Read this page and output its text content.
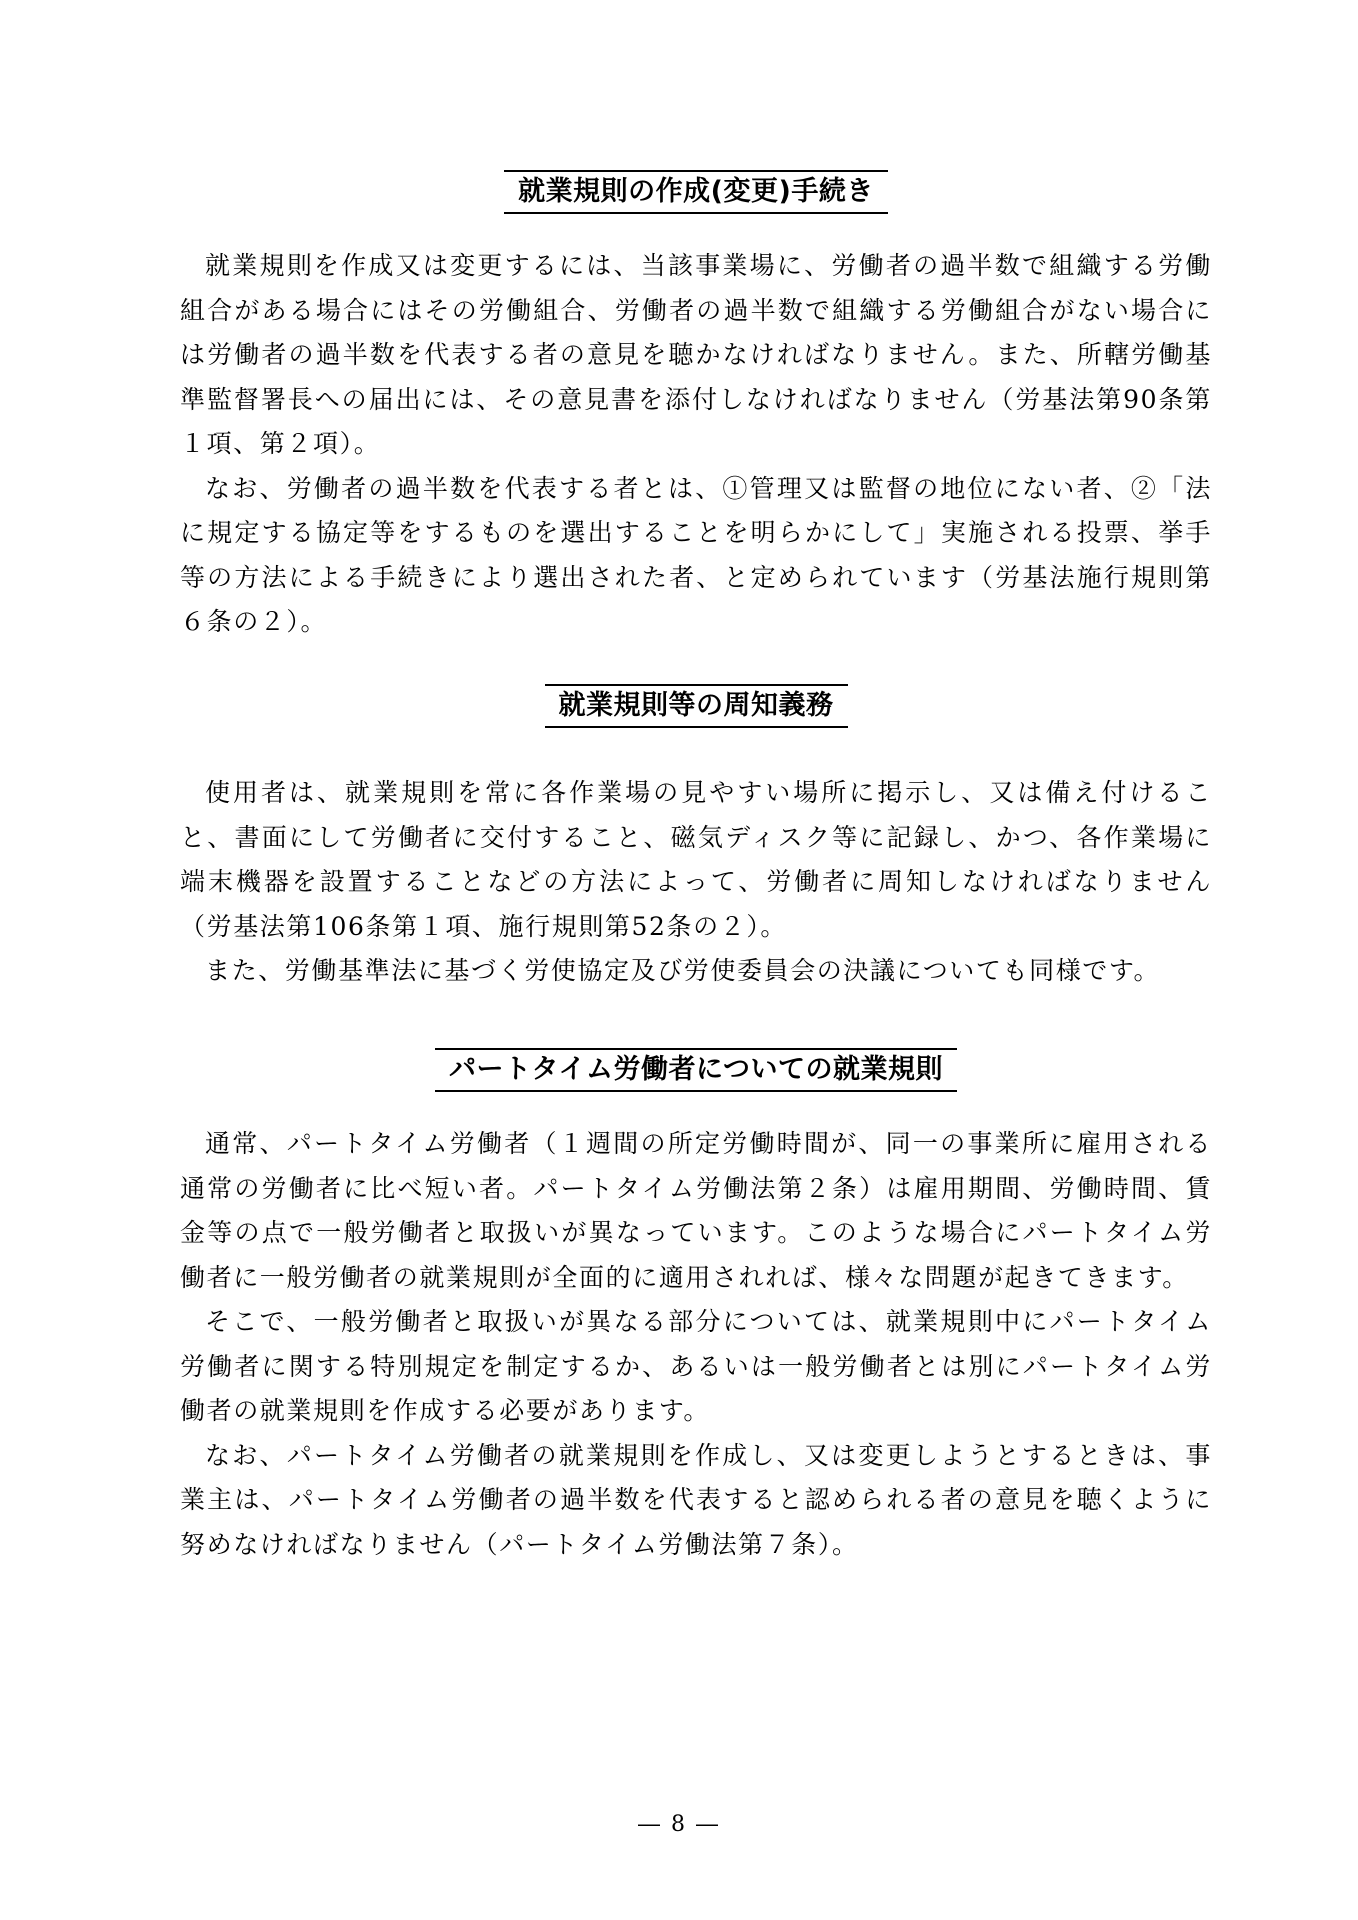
就業規則の作成(変更)手続き

就業規則を作成又は変更するには、当該事業場に、労働者の過半数で組織する労働組合がある場合にはその労働組合、労働者の過半数で組織する労働組合がない場合には労働者の過半数を代表する者の意見を聴かなければなりません。また、所轄労働基準監督署長への届出には、その意見書を添付しなければなりません（労基法第90条第１項、第２項）。

なお、労働者の過半数を代表する者とは、①管理又は監督の地位にない者、②「法に規定する協定等をするものを選出することを明らかにして」実施される投票、挙手等の方法による手続きにより選出された者、と定められています（労基法施行規則第６条の２）。

就業規則等の周知義務

使用者は、就業規則を常に各作業場の見やすい場所に掲示し、又は備え付けること、書面にして労働者に交付すること、磁気ディスク等に記録し、かつ、各作業場に端末機器を設置することなどの方法によって、労働者に周知しなければなりません（労基法第106条第１項、施行規則第52条の２）。

また、労働基準法に基づく労使協定及び労使委員会の決議についても同様です。

パートタイム労働者についての就業規則

通常、パートタイム労働者（１週間の所定労働時間が、同一の事業所に雇用される通常の労働者に比べ短い者。パートタイム労働法第２条）は雇用期間、労働時間、賃金等の点で一般労働者と取扱いが異なっています。このような場合にパートタイム労働者に一般労働者の就業規則が全面的に適用されれば、様々な問題が起きてきます。

そこで、一般労働者と取扱いが異なる部分については、就業規則中にパートタイム労働者に関する特別規定を制定するか、あるいは一般労働者とは別にパートタイム労働者の就業規則を作成する必要があります。

なお、パートタイム労働者の就業規則を作成し、又は変更しようとするときは、事業主は、パートタイム労働者の過半数を代表すると認められる者の意見を聴くように努めなければなりません（パートタイム労働法第７条）。

― 8 ―
